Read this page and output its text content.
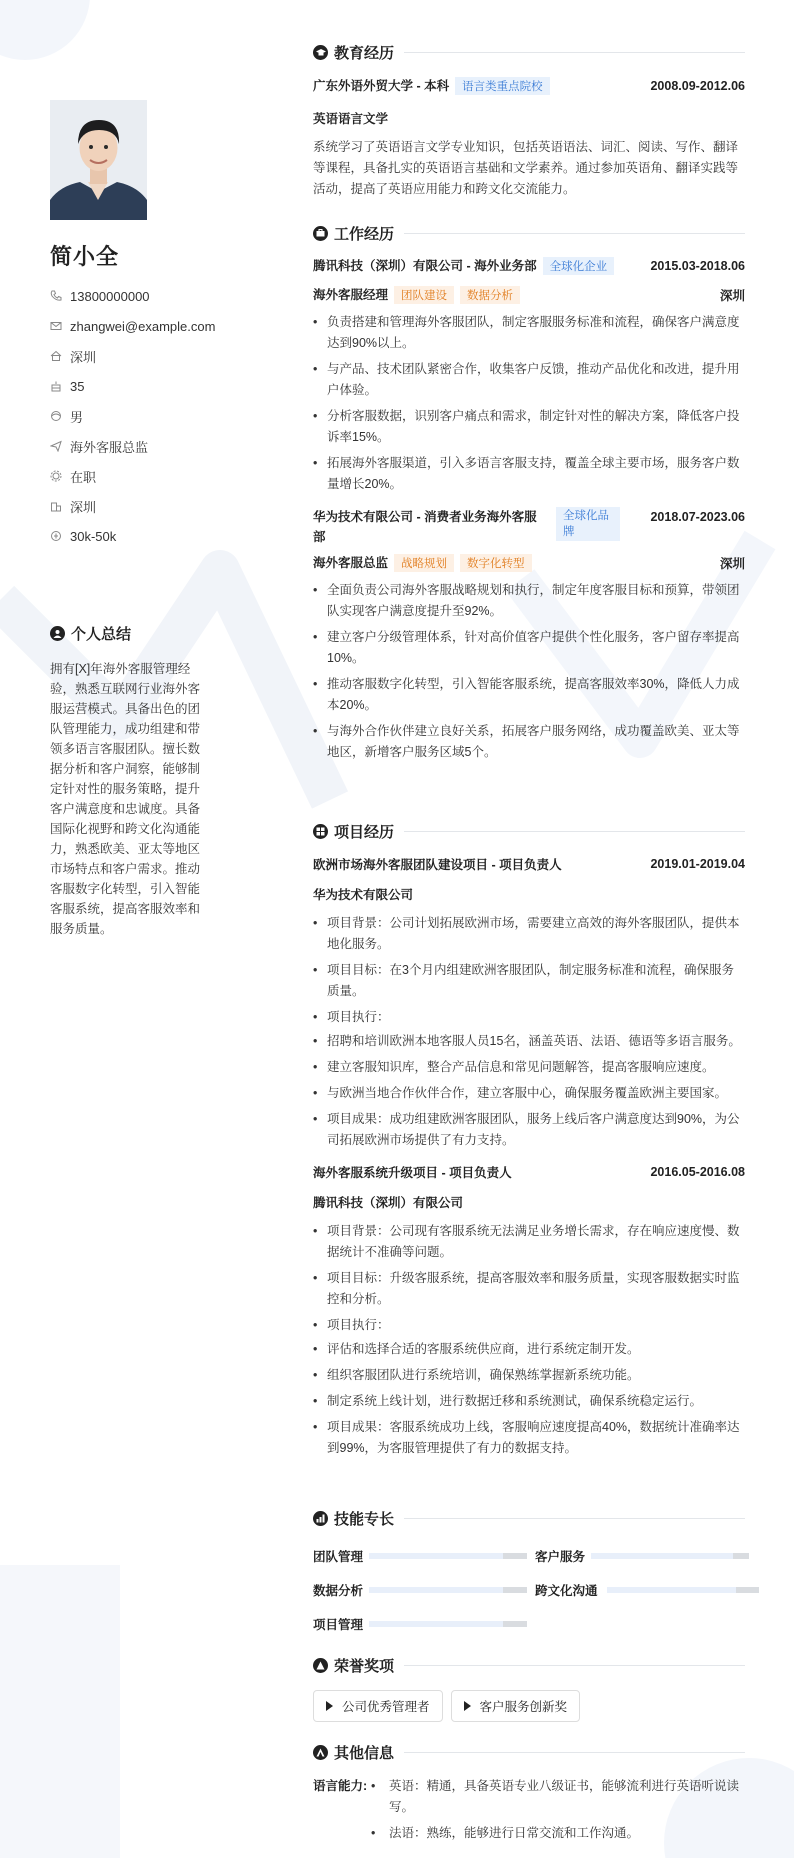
简小全
13800000000
zhangwei@example.com
深圳
35
男
海外客服总监
在职
深圳
30k-50k
个人总结
拥有[X]年海外客服管理经验，熟悉互联网行业海外客服运营模式。具备出色的团队管理能力，成功组建和带领多语言客服团队。擅长数据分析和客户洞察，能够制定针对性的服务策略，提升客户满意度和忠诚度。具备国际化视野和跨文化沟通能力，熟悉欧美、亚太等地区市场特点和客户需求。推动客服数字化转型，引入智能客服系统，提高客服效率和服务质量。
教育经历
广东外语外贸大学 - 本科 语言类重点院校	2008.09-2012.06
英语语言文学
系统学习了英语语言文学专业知识，包括英语语法、词汇、阅读、写作、翻译等课程，具备扎实的英语语言基础和文学素养。通过参加英语角、翻译实践等活动，提高了英语应用能力和跨文化交流能力。
工作经历
腾讯科技（深圳）有限公司 - 海外业务部 全球化企业	2015.03-2018.06
海外客服经理 团队建设 数据分析	深圳
• 负责搭建和管理海外客服团队，制定客服服务标准和流程，确保客户满意度达到90%以上。
• 与产品、技术团队紧密合作，收集客户反馈，推动产品优化和改进，提升用户体验。
• 分析客服数据，识别客户痛点和需求，制定针对性的解决方案，降低客户投诉率15%。
• 拓展海外客服渠道，引入多语言客服支持，覆盖全球主要市场，服务客户数量增长20%。
华为技术有限公司 - 消费者业务海外客服部
全球化品牌
2018.07-2023.06
海外客服总监 战略规划 数字化转型	深圳
• 全面负责公司海外客服战略规划和执行，制定年度客服目标和预算，带领团队实现客户满意度提升至92%。
• 建立客户分级管理体系，针对高价值客户提供个性化服务，客户留存率提高10%。
• 推动客服数字化转型，引入智能客服系统，提高客服效率30%，降低人力成本20%。
• 与海外合作伙伴建立良好关系，拓展客户服务网络，成功覆盖欧美、亚太等地区，新增客户服务区域5个。
项目经历
欧洲市场海外客服团队建设项目 - 项目负责人	2019.01-2019.04
华为技术有限公司
• 项目背景：公司计划拓展欧洲市场，需要建立高效的海外客服团队，提供本地化服务。
• 项目目标：在3个月内组建欧洲客服团队，制定服务标准和流程，确保服务质量。
• 项目执行：
• 招聘和培训欧洲本地客服人员15名，涵盖英语、法语、德语等多语言服务。
• 建立客服知识库，整合产品信息和常见问题解答，提高客服响应速度。
• 与欧洲当地合作伙伴合作，建立客服中心，确保服务覆盖欧洲主要国家。
• 项目成果：成功组建欧洲客服团队，服务上线后客户满意度达到90%，为公司拓展欧洲市场提供了有力支持。
海外客服系统升级项目 - 项目负责人	2016.05-2016.08
腾讯科技（深圳）有限公司
• 项目背景：公司现有客服系统无法满足业务增长需求，存在响应速度慢、数据统计不准确等问题。
• 项目目标：升级客服系统，提高客服效率和服务质量，实现客服数据实时监控和分析。
• 项目执行：
• 评估和选择合适的客服系统供应商，进行系统定制开发。
• 组织客服团队进行系统培训，确保熟练掌握新系统功能。
• 制定系统上线计划，进行数据迁移和系统测试，确保系统稳定运行。
• 项目成果：客服系统成功上线，客服响应速度提高40%，数据统计准确率达到99%，为客服管理提供了有力的数据支持。
技能专长
团队管理	客户服务
数据分析	跨文化沟通
项目管理
荣誉奖项
公司优秀管理者	客户服务创新奖
其他信息
语言能力:
•	英语：精通，具备英语专业八级证书，能够流利进行英语听说读写。
• 法语：熟练，能够进行日常交流和工作沟通。
